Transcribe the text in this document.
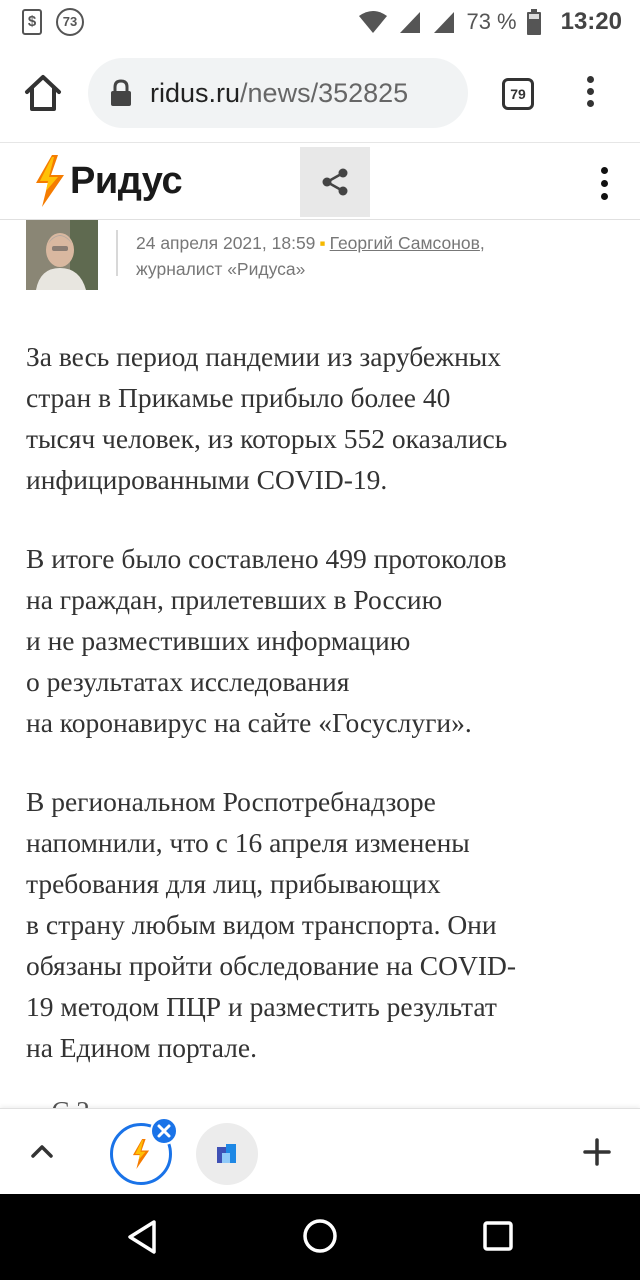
$	73	73 % 13:20
ridus.ru/news/352825	79
Ридус
24 апреля 2021, 18:59 ▪ Георгий Самсонов,
журналист «Ридуса»

За весь период пандемии из зарубежных
стран в Прикамье прибыло более 40
тысяч человек, из которых 552 оказались
инфицированными COVID-19.

В итоге было составлено 499 протоколов
на граждан, прилетевших в Россию
и не разместивших информацию
о результатах исследования
на коронавирус на сайте «Госуслуги».

В региональном Роспотребнадзоре
напомнили, что с 16 апреля изменены
требования для лиц, прибывающих
в страну любым видом транспорта. Они
обязаны пройти обследование на COVID-
19 методом ПЦР и разместить результат
на Едином портале.
